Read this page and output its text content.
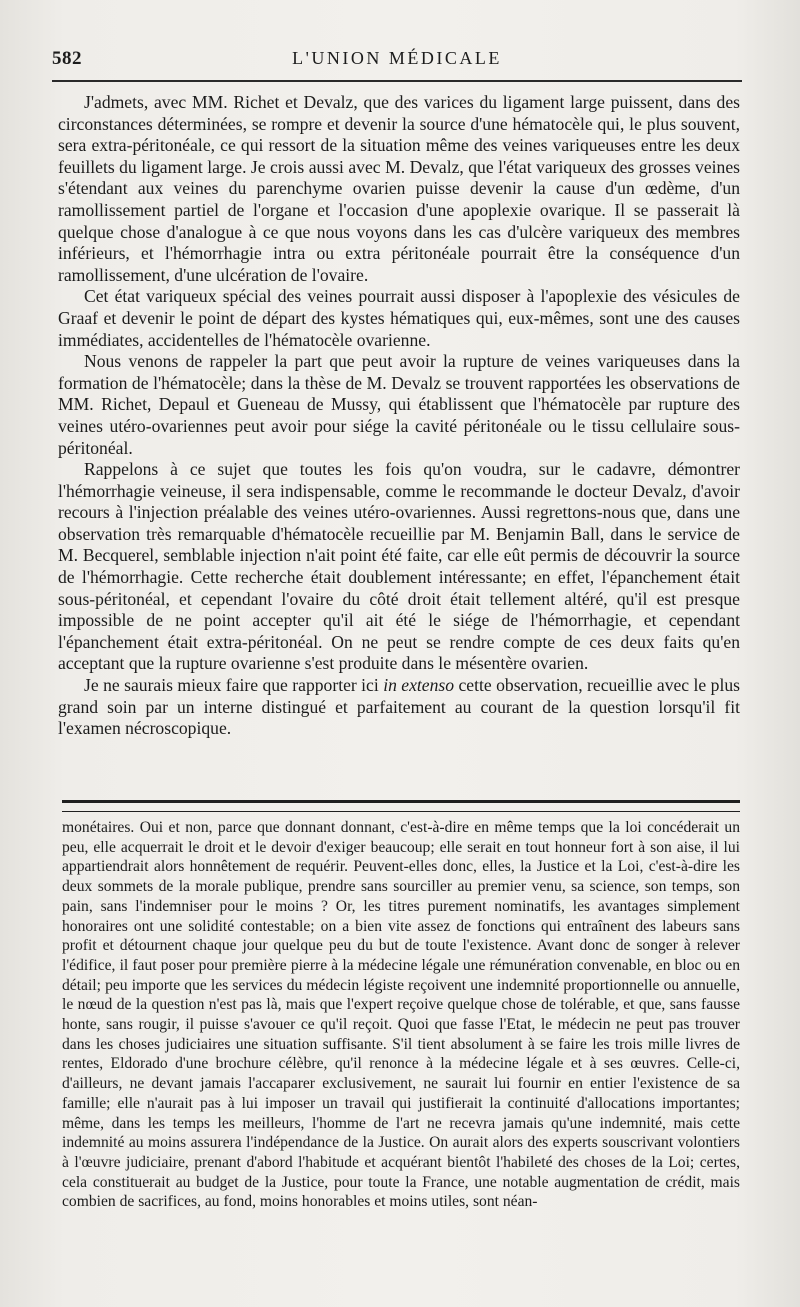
582	L'UNION MÉDICALE

J'admets, avec MM. Richet et Devalz, que des varices du ligament large puissent, dans des circonstances déterminées, se rompre et devenir la source d'une hématocèle qui, le plus souvent, sera extra-péritonéale, ce qui ressort de la situation même des veines variqueuses entre les deux feuillets du ligament large. Je crois aussi avec M. Devalz, que l'état variqueux des grosses veines s'étendant aux veines du parenchyme ovarien puisse devenir la cause d'un œdème, d'un ramollissement partiel de l'organe et l'occasion d'une apoplexie ovarique. Il se passerait là quelque chose d'analogue à ce que nous voyons dans les cas d'ulcère variqueux des membres inférieurs, et l'hémorrhagie intra ou extra péritonéale pourrait être la conséquence d'un ramollissement, d'une ulcération de l'ovaire.

Cet état variqueux spécial des veines pourrait aussi disposer à l'apoplexie des vésicules de Graaf et devenir le point de départ des kystes hématiques qui, eux-mêmes, sont une des causes immédiates, accidentelles de l'hématocèle ovarienne.

Nous venons de rappeler la part que peut avoir la rupture de veines variqueuses dans la formation de l'hématocèle; dans la thèse de M. Devalz se trouvent rapportées les observations de MM. Richet, Depaul et Gueneau de Mussy, qui établissent que l'hématocèle par rupture des veines utéro-ovariennes peut avoir pour siége la cavité péritonéale ou le tissu cellulaire sous-péritonéal.

Rappelons à ce sujet que toutes les fois qu'on voudra, sur le cadavre, démontrer l'hémorrhagie veineuse, il sera indispensable, comme le recommande le docteur Devalz, d'avoir recours à l'injection préalable des veines utéro-ovariennes. Aussi regrettons-nous que, dans une observation très remarquable d'hématocèle recueillie par M. Benjamin Ball, dans le service de M. Becquerel, semblable injection n'ait point été faite, car elle eût permis de découvrir la source de l'hémorrhagie. Cette recherche était doublement intéressante; en effet, l'épanchement était sous-péritonéal, et cependant l'ovaire du côté droit était tellement altéré, qu'il est presque impossible de ne point accepter qu'il ait été le siége de l'hémorrhagie, et cependant l'épanchement était extra-péritonéal. On ne peut se rendre compte de ces deux faits qu'en acceptant que la rupture ovarienne s'est produite dans le mésentère ovarien.

Je ne saurais mieux faire que rapporter ici in extenso cette observation, recueillie avec le plus grand soin par un interne distingué et parfaitement au courant de la question lorsqu'il fit l'examen nécroscopique.

monétaires. Oui et non, parce que donnant donnant, c'est-à-dire en même temps que la loi concéderait un peu, elle acquerrait le droit et le devoir d'exiger beaucoup; elle serait en tout honneur fort à son aise, il lui appartiendrait alors honnêtement de requérir. Peuvent-elles donc, elles, la Justice et la Loi, c'est-à-dire les deux sommets de la morale publique, prendre sans sourciller au premier venu, sa science, son temps, son pain, sans l'indemniser pour le moins ? Or, les titres purement nominatifs, les avantages simplement honoraires ont une solidité contestable; on a bien vite assez de fonctions qui entraînent des labeurs sans profit et détournent chaque jour quelque peu du but de toute l'existence. Avant donc de songer à relever l'édifice, il faut poser pour première pierre à la médecine légale une rémunération convenable, en bloc ou en détail; peu importe que les services du médecin légiste reçoivent une indemnité proportionnelle ou annuelle, le nœud de la question n'est pas là, mais que l'expert reçoive quelque chose de tolérable, et que, sans fausse honte, sans rougir, il puisse s'avouer ce qu'il reçoit. Quoi que fasse l'Etat, le médecin ne peut pas trouver dans les choses judiciaires une situation suffisante. S'il tient absolument à se faire les trois mille livres de rentes, Eldorado d'une brochure célèbre, qu'il renonce à la médecine légale et à ses œuvres. Celle-ci, d'ailleurs, ne devant jamais l'accaparer exclusivement, ne saurait lui fournir en entier l'existence de sa famille; elle n'aurait pas à lui imposer un travail qui justifierait la continuité d'allocations importantes; même, dans les temps les meilleurs, l'homme de l'art ne recevra jamais qu'une indemnité, mais cette indemnité au moins assurera l'indépendance de la Justice. On aurait alors des experts souscrivant volontiers à l'œuvre judiciaire, prenant d'abord l'habitude et acquérant bientôt l'habileté des choses de la Loi; certes, cela constituerait au budget de la Justice, pour toute la France, une notable augmentation de crédit, mais combien de sacrifices, au fond, moins honorables et moins utiles, sont néan-
